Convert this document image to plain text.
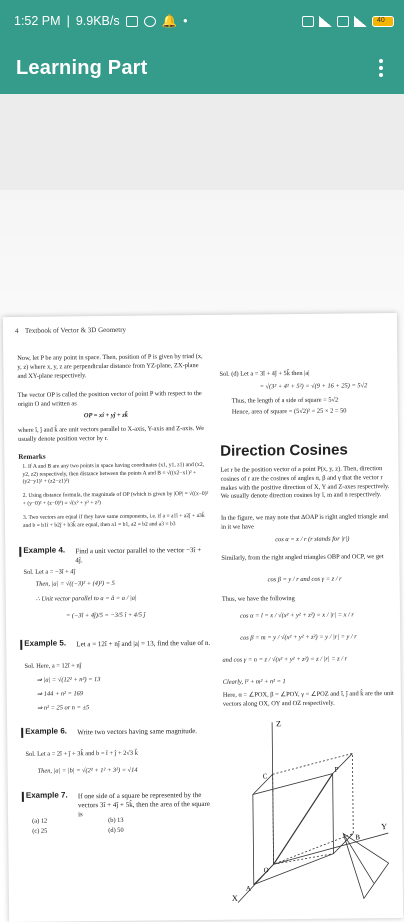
1:52 PM | 9.9KB/s	🔔 •	40
Learning Part
4 Textbook of Vector & 3D Geometry
Now, let P be any point in space. Then, position of P is given by triad (x, y, z) where x, y, z are perpendicular distance from YZ-plane, ZX-plane and XY-plane respectively.
The vector OP is called the position vector of point P with respect to the origin O and written as
OP = xî + yĵ + zk̂
where î, ĵ and k̂ are unit vectors parallel to X-axis, Y-axis and Z-axis. We usually denote position vector by r.
Remarks
1. If A and B are any two points in space having coordinates (x1, y1, z1) and (x2, y2, z2) respectively, then distance between the points A and B = √((x2−x1)² + (y2−y1)² + (z2−z1)²)
2. Using distance formula, the magnitude of OP (which is given by |OP| = √((x−0)² + (y−0)² + (z−0)²) = √(x² + y² + z²)
3. Two vectors are equal if they have same components, i.e. if a = a1î + a2ĵ + a3k̂ and b = b1î + b2ĵ + b3k̂ are equal, then a1 = b1, a2 = b2 and a3 = b3
Example 4. Find a unit vector parallel to the vector −3î + 4ĵ.
Sol. Let a = −3î + 4ĵ
Then, |a| = √((−3)² + (4)²) = 5
∴ Unit vector parallel to a = â = a / |a|
= (−3î + 4ĵ)/5 = −3/5 î + 4/5 ĵ
Example 5. Let a = 12î + nĵ and |a| = 13, find the value of n.
Sol. Here, a = 12î + nĵ
⇒ |a| = √(12² + n²) = 13
⇒ 144 + n² = 169
⇒ n² = 25 or n = ±5
Example 6. Write two vectors having same magnitude.
Sol. Let a = 2î + ĵ + 3k̂ and b = î + ĵ + 2√3 k̂
Then, |a| = |b| = √(2² + 1² + 3²) = √14
Example 7. If one side of a square be represented by the vectors 3î + 4ĵ + 5k̂, then the area of the square is
(a) 12	(b) 13
(c) 25	(d) 50
Sol. (d) Let a = 3î + 4ĵ + 5k̂ then |a|
= √(3² + 4² + 5²) = √(9 + 16 + 25) = 5√2
Thus, the length of a side of square = 5√2
Hence, area of square = (5√2)² = 25 × 2 = 50
Direction Cosines
Let r be the position vector of a point P(x, y, z). Then, direction cosines of r are the cosines of angles α, β and γ that the vector r makes with the positive direction of X, Y and Z-axes respectively. We usually denote direction cosines by l, m and n respectively.
In the figure, we may note that ΔOAP is right angled triangle and in it we have
cos α = x / r (r stands for |r|)
Similarly, from the right angled triangles OBP and OCP, we get
cos β = y / r and cos γ = z / r
Thus, we have the following
cos α = l = x / √(x² + y² + z²) = x / |r| = x / r
cos β = m = y / √(x² + y² + z²) = y / |r| = y / r
and cos γ = n = z / √(x² + y² + z²) = z / |r| = z / r
Clearly, l² + m² + n² = 1
Here, α = ∠POX, β = ∠POY, γ = ∠POZ and î, ĵ and k̂ are the unit vectors along OX, OY and OZ respectively.
Z
Y
X
O
P
A
B
C
